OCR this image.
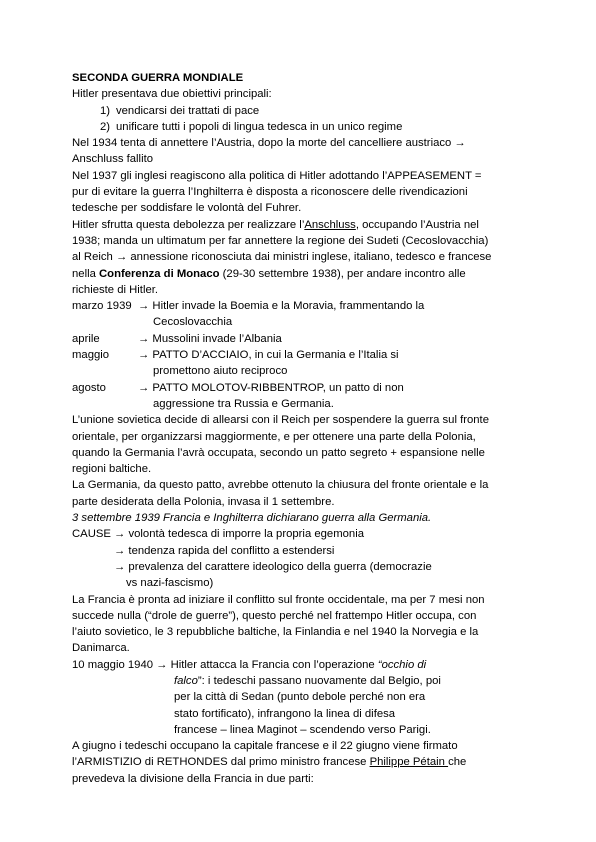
SECONDA GUERRA MONDIALE
Hitler presentava due obiettivi principali:
1) vendicarsi dei trattati di pace
2) unificare tutti i popoli di lingua tedesca in un unico regime
Nel 1934 tenta di annettere l’Austria, dopo la morte del cancelliere austriaco →
Anschluss fallito
Nel 1937 gli inglesi reagiscono alla politica di Hitler adottando l’APPEASEMENT =
pur di evitare la guerra l’Inghilterra è disposta a riconoscere delle rivendicazioni
tedesche per soddisfare le volontà del Fuhrer.
Hitler sfrutta questa debolezza per realizzare l’Anschluss, occupando l’Austria nel
1938; manda un ultimatum per far annettere la regione dei Sudeti (Cecoslovacchia)
al Reich → annessione riconosciuta dai ministri inglese, italiano, tedesco e francese
nella Conferenza di Monaco (29-30 settembre 1938), per andare incontro alle
richieste di Hitler.
marzo 1939 → Hitler invade la Boemia e la Moravia, frammentando la
Cecoslovacchia
aprile	→ Mussolini invade l’Albania
maggio	→ PATTO D’ACCIAIO, in cui la Germania e l’Italia si
promettono aiuto reciproco
agosto	→ PATTO MOLOTOV-RIBBENTROP, un patto di non
aggressione tra Russia e Germania.
L’unione sovietica decide di allearsi con il Reich per sospendere la guerra sul fronte
orientale, per organizzarsi maggiormente, e per ottenere una parte della Polonia,
quando la Germania l’avrà occupata, secondo un patto segreto + espansione nelle
regioni baltiche.
La Germania, da questo patto, avrebbe ottenuto la chiusura del fronte orientale e la
parte desiderata della Polonia, invasa il 1 settembre.
3 settembre 1939 Francia e Inghilterra dichiarano guerra alla Germania.
CAUSE → volontà tedesca di imporre la propria egemonia
→ tendenza rapida del conflitto a estendersi
→ prevalenza del carattere ideologico della guerra (democrazie
vs nazi-fascismo)
La Francia è pronta ad iniziare il conflitto sul fronte occidentale, ma per 7 mesi non
succede nulla (“drole de guerre”), questo perché nel frattempo Hitler occupa, con
l’aiuto sovietico, le 3 repubbliche baltiche, la Finlandia e nel 1940 la Norvegia e la
Danimarca.
10 maggio 1940 → Hitler attacca la Francia con l’operazione “occhio di
falco”: i tedeschi passano nuovamente dal Belgio, poi
per la città di Sedan (punto debole perché non era
stato fortificato), infrangono la linea di difesa
francese – linea Maginot – scendendo verso Parigi.
A giugno i tedeschi occupano la capitale francese e il 22 giugno viene firmato
l’ARMISTIZIO di RETHONDES dal primo ministro francese Philippe Pétain che
prevedeva la divisione della Francia in due parti:
